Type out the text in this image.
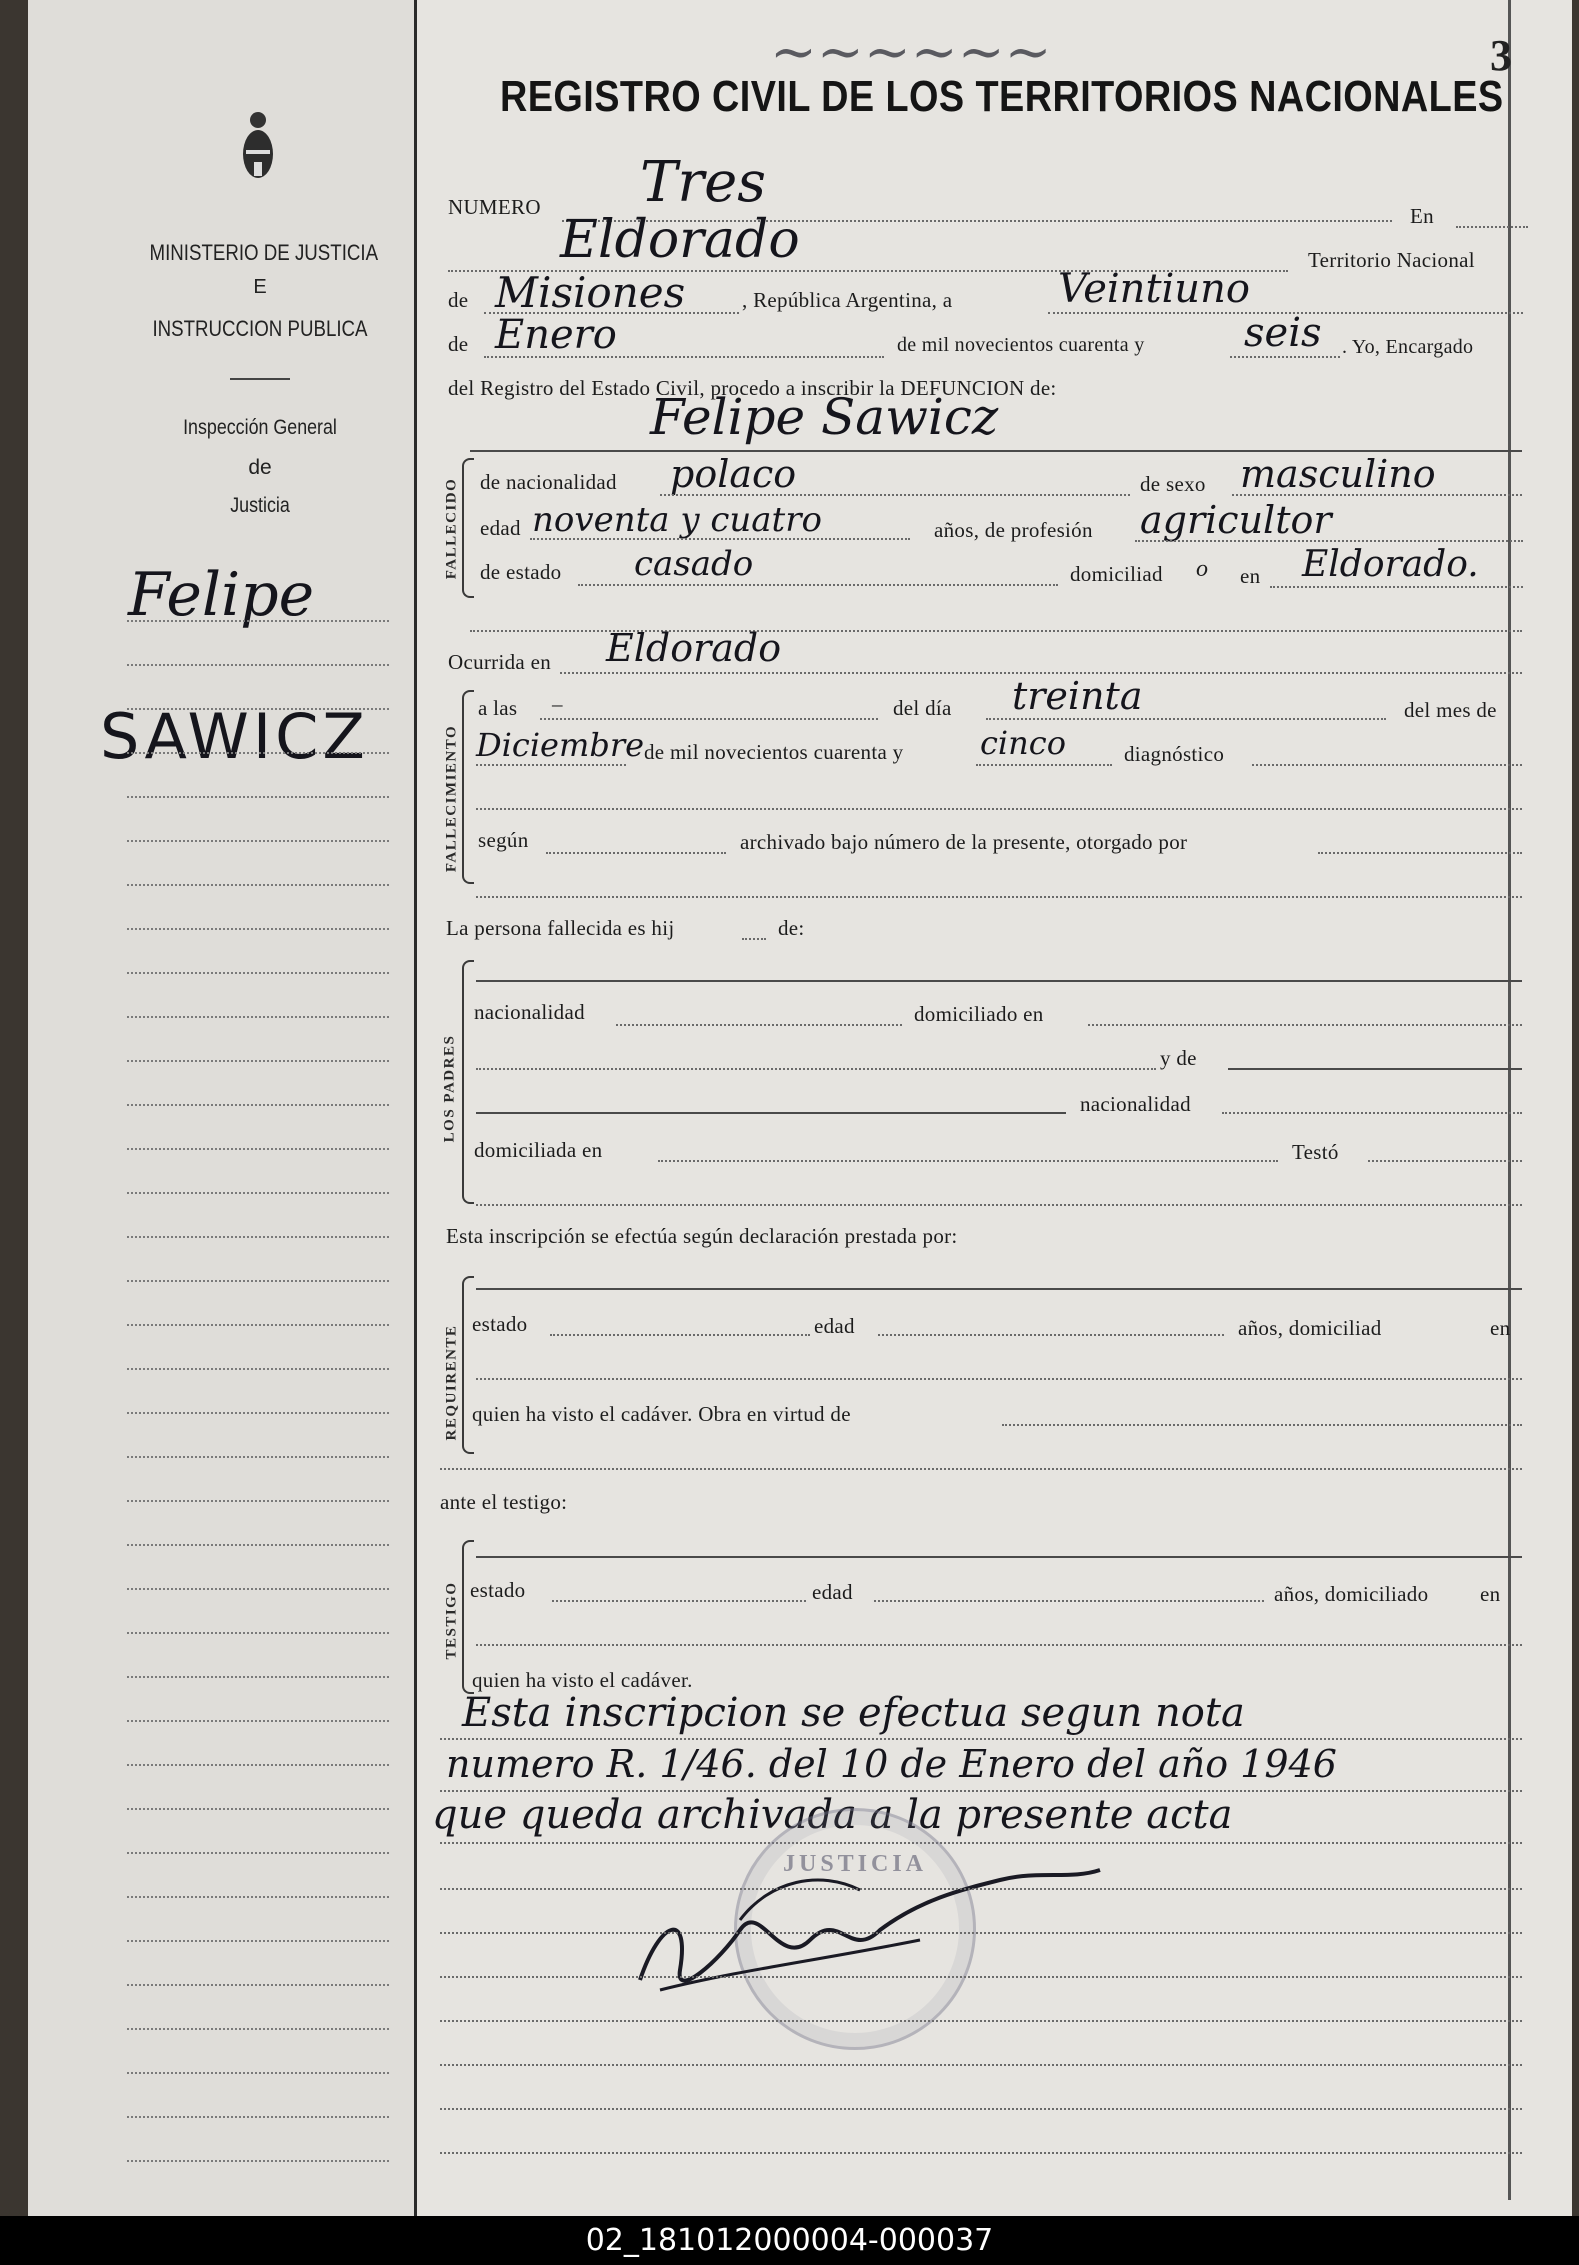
MINISTERIO DE JUSTICIA
E
INSTRUCCION PUBLICA
Inspección General
de
Justicia
Felipe
SAWICZ
3
~~~~~~
REGISTRO CIVIL DE LOS TERRITORIOS NACIONALES
NUMERO Tres
En
Eldorado	Territorio Nacional
de Misiones	, República Argentina, a	Veintiuno
de Enero	de mil novecientos cuarenta y seis . Yo, Encargado
del Registro del Estado Civil, procedo a inscribir la DEFUNCION de:
Felipe Sawicz
FALLECIDO de nacionalidad polaco	de sexo masculino
edad noventa y cuatro	años, de profesión agricultor
de estado casado	domiciliad o en Eldorado.
Ocurrida en Eldorado
FALLECIMIENTO
a las –	del día treinta	del mes de
Diciembre de mil novecientos cuarenta y cinco	diagnóstico
según	archivado bajo número de la presente, otorgado por
La persona fallecida es hij	de:
LOS PADRES
nacionalidad	domiciliado en
y de
nacionalidad
domiciliada en	Testó
Esta inscripción se efectúa según declaración prestada por:
REQUIRENTE
estado	edad	años, domiciliad	en
quien ha visto el cadáver. Obra en virtud de
ante el testigo:
TESTIGO estado	edad	años, domiciliado en
quien ha visto el cadáver.
Esta inscripcion se efectua segun nota
numero R. 1/46. del 10 de Enero del año 1946
que queda archivada a la presente acta
JUSTICIA
02_181012000004-000037
